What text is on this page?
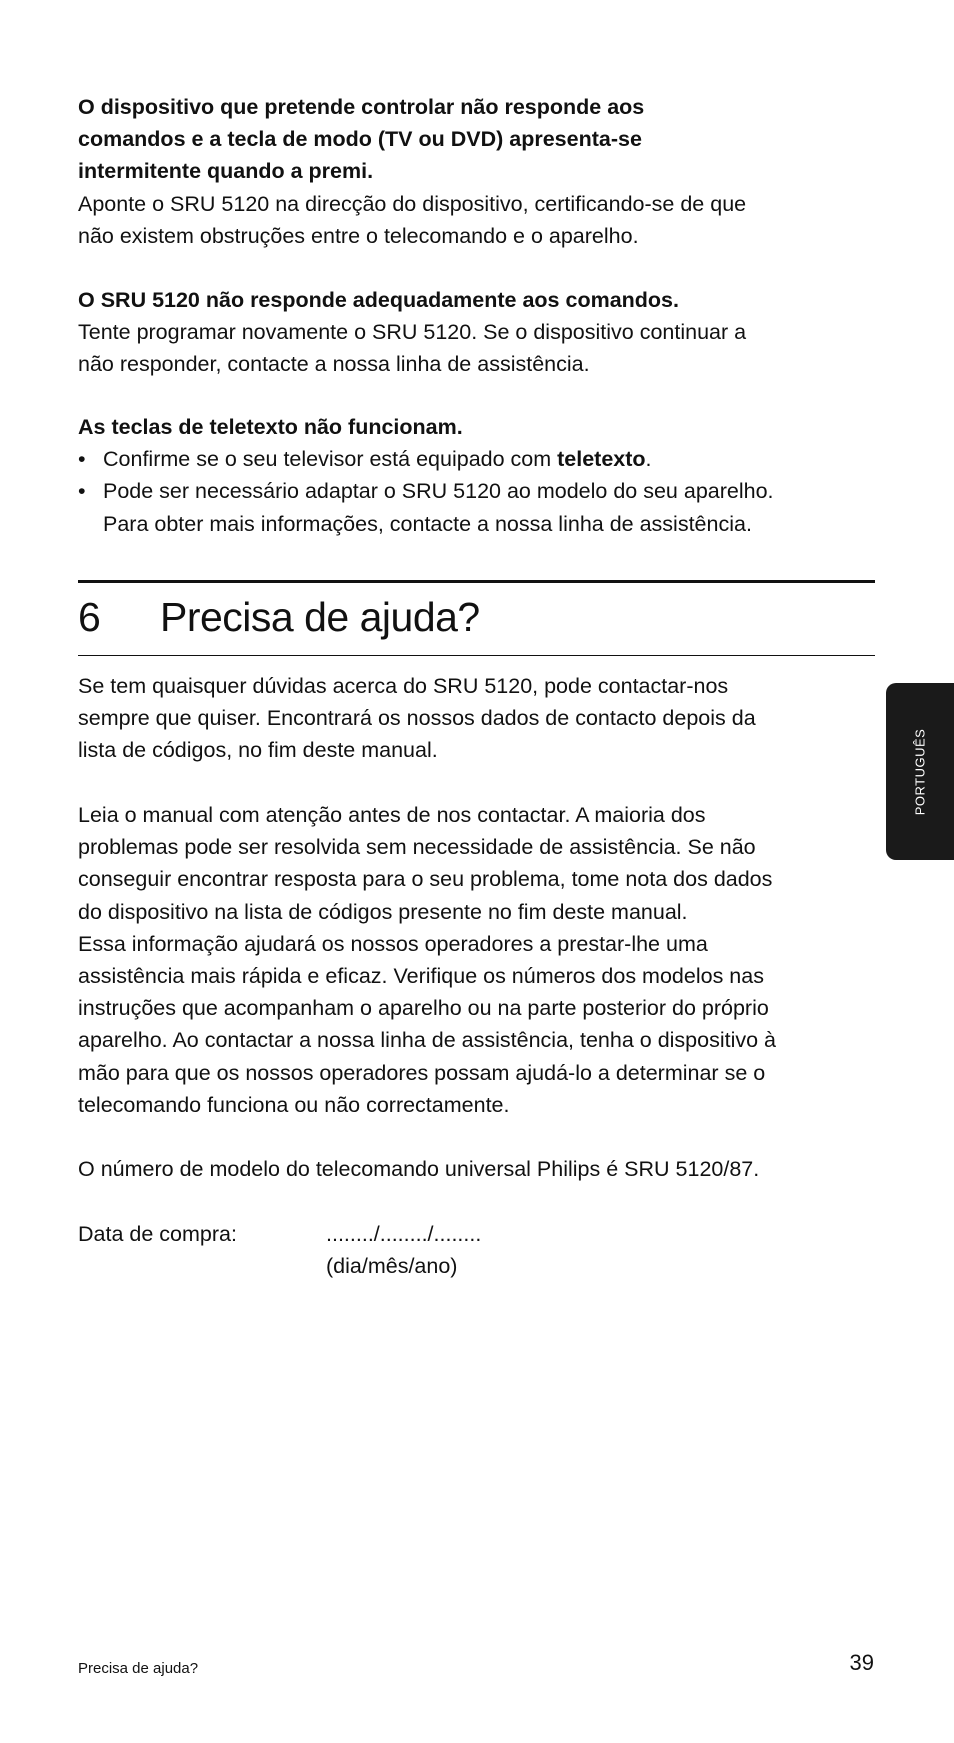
O dispositivo que pretende controlar não responde aos
comandos e a tecla de modo (TV ou DVD) apresenta-se
intermitente quando a premi.
Aponte o SRU 5120 na direcção do dispositivo, certificando-se de que
não existem obstruções entre o telecomando e o aparelho.
O SRU 5120 não responde adequadamente aos comandos.
Tente programar novamente o SRU 5120. Se o dispositivo continuar a
não responder, contacte a nossa linha de assistência.
As teclas de teletexto não funcionam.
• Confirme se o seu televisor está equipado com teletexto.
• Pode ser necessário adaptar o SRU 5120 ao modelo do seu aparelho.
Para obter mais informações, contacte a nossa linha de assistência.
6 Precisa de ajuda?
Se tem quaisquer dúvidas acerca do SRU 5120, pode contactar-nos
sempre que quiser. Encontrará os nossos dados de contacto depois da
lista de códigos, no fim deste manual.
Leia o manual com atenção antes de nos contactar. A maioria dos
problemas pode ser resolvida sem necessidade de assistência. Se não
conseguir encontrar resposta para o seu problema, tome nota dos dados
do dispositivo na lista de códigos presente no fim deste manual.
Essa informação ajudará os nossos operadores a prestar-lhe uma
assistência mais rápida e eficaz. Verifique os números dos modelos nas
instruções que acompanham o aparelho ou na parte posterior do próprio
aparelho. Ao contactar a nossa linha de assistência, tenha o dispositivo à
mão para que os nossos operadores possam ajudá-lo a determinar se o
telecomando funciona ou não correctamente.
O número de modelo do telecomando universal Philips é SRU 5120/87.
Data de compra:	......../......../........
(dia/mês/ano)
PORTUGUÊS
Precisa de ajuda?	39
